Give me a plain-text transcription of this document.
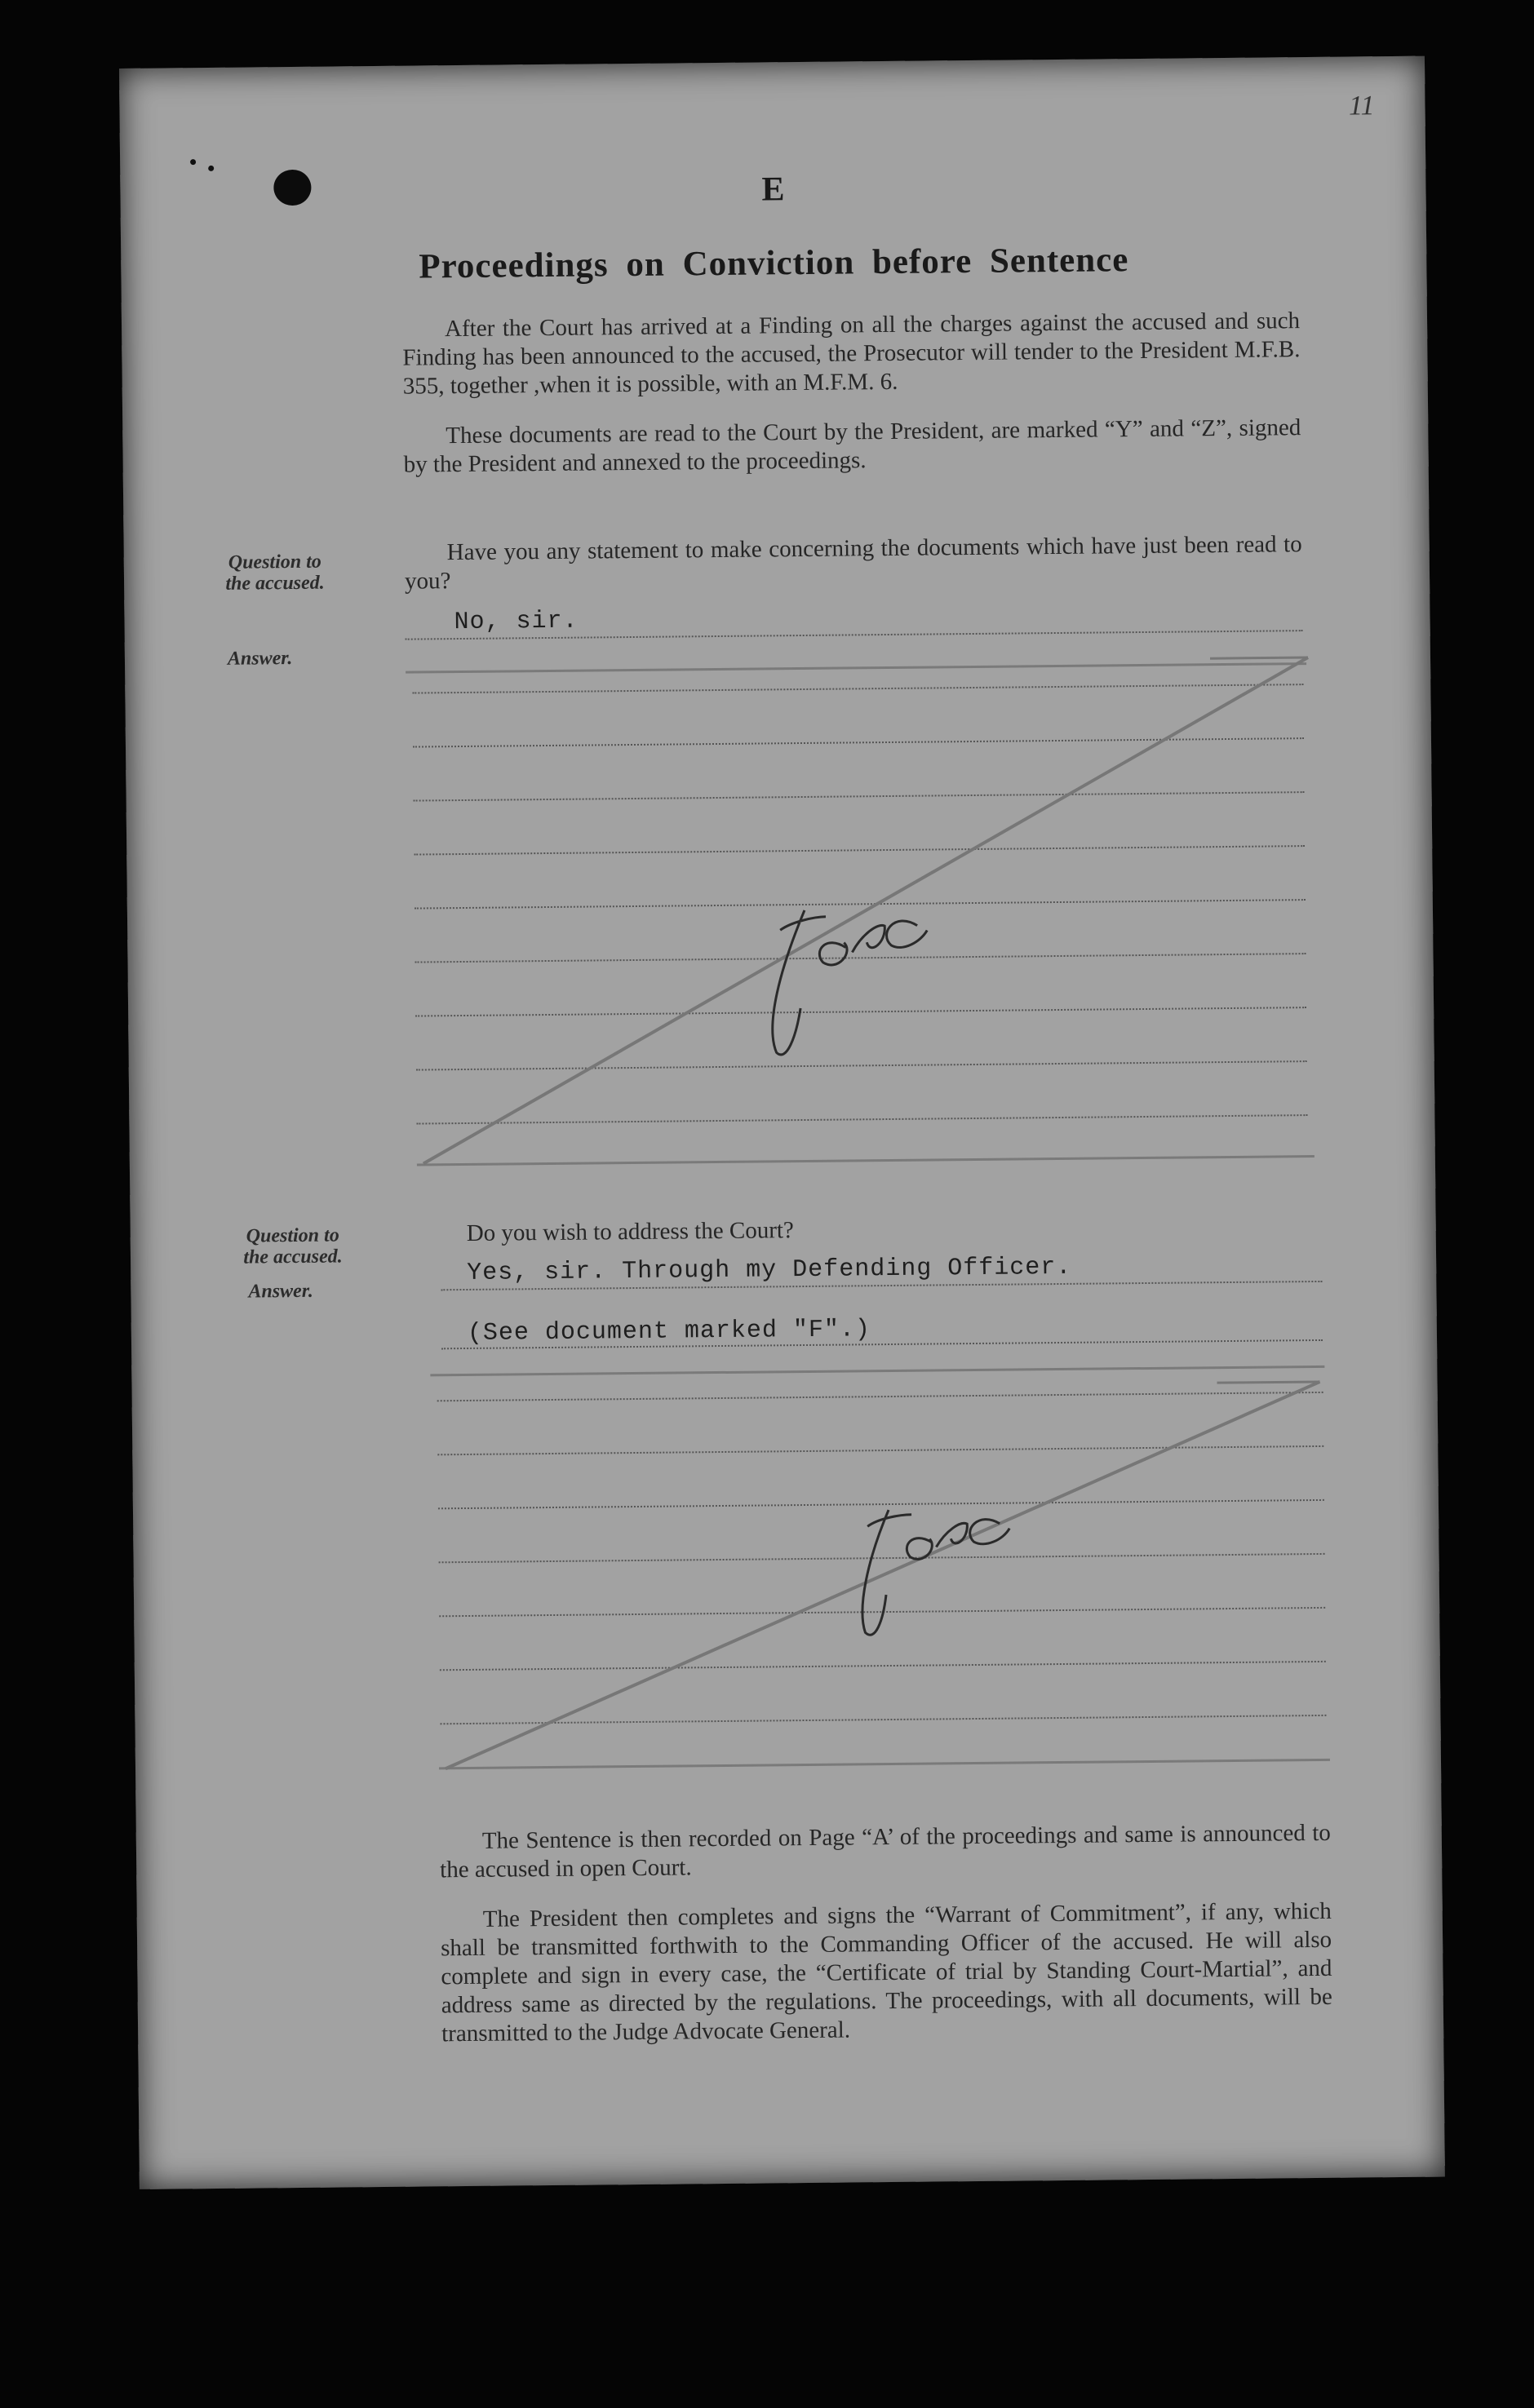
11
E
Proceedings on Conviction before Sentence

After the Court has arrived at a Finding on all the charges against the accused and such Finding has been announced to the accused, the Prosecutor will tender to the President M.F.B. 355, together ,when it is possible, with an M.F.M. 6.

These documents are read to the Court by the President, are marked “Y” and “Z”, signed by the President and annexed to the proceedings.

Question to
the accused.
Answer.

Have you any statement to make concerning the documents which have just been read to you?

No, sir.
JCAC
Question to
the accused.
Answer.
Do you wish to address the Court?
Yes, sir. Through my Defending Officer.
(See document marked "F".)
JCAC

The Sentence is then recorded on Page “A’ of the proceedings and same is announced to the accused in open Court.

The President then completes and signs the “Warrant of Commitment”, if any, which shall be transmitted forthwith to the Commanding Officer of the accused. He will also complete and sign in every case, the “Certificate of trial by Standing Court-Martial”, and address same as directed by the regulations. The proceedings, with all documents, will be transmitted to the Judge Advocate General.
